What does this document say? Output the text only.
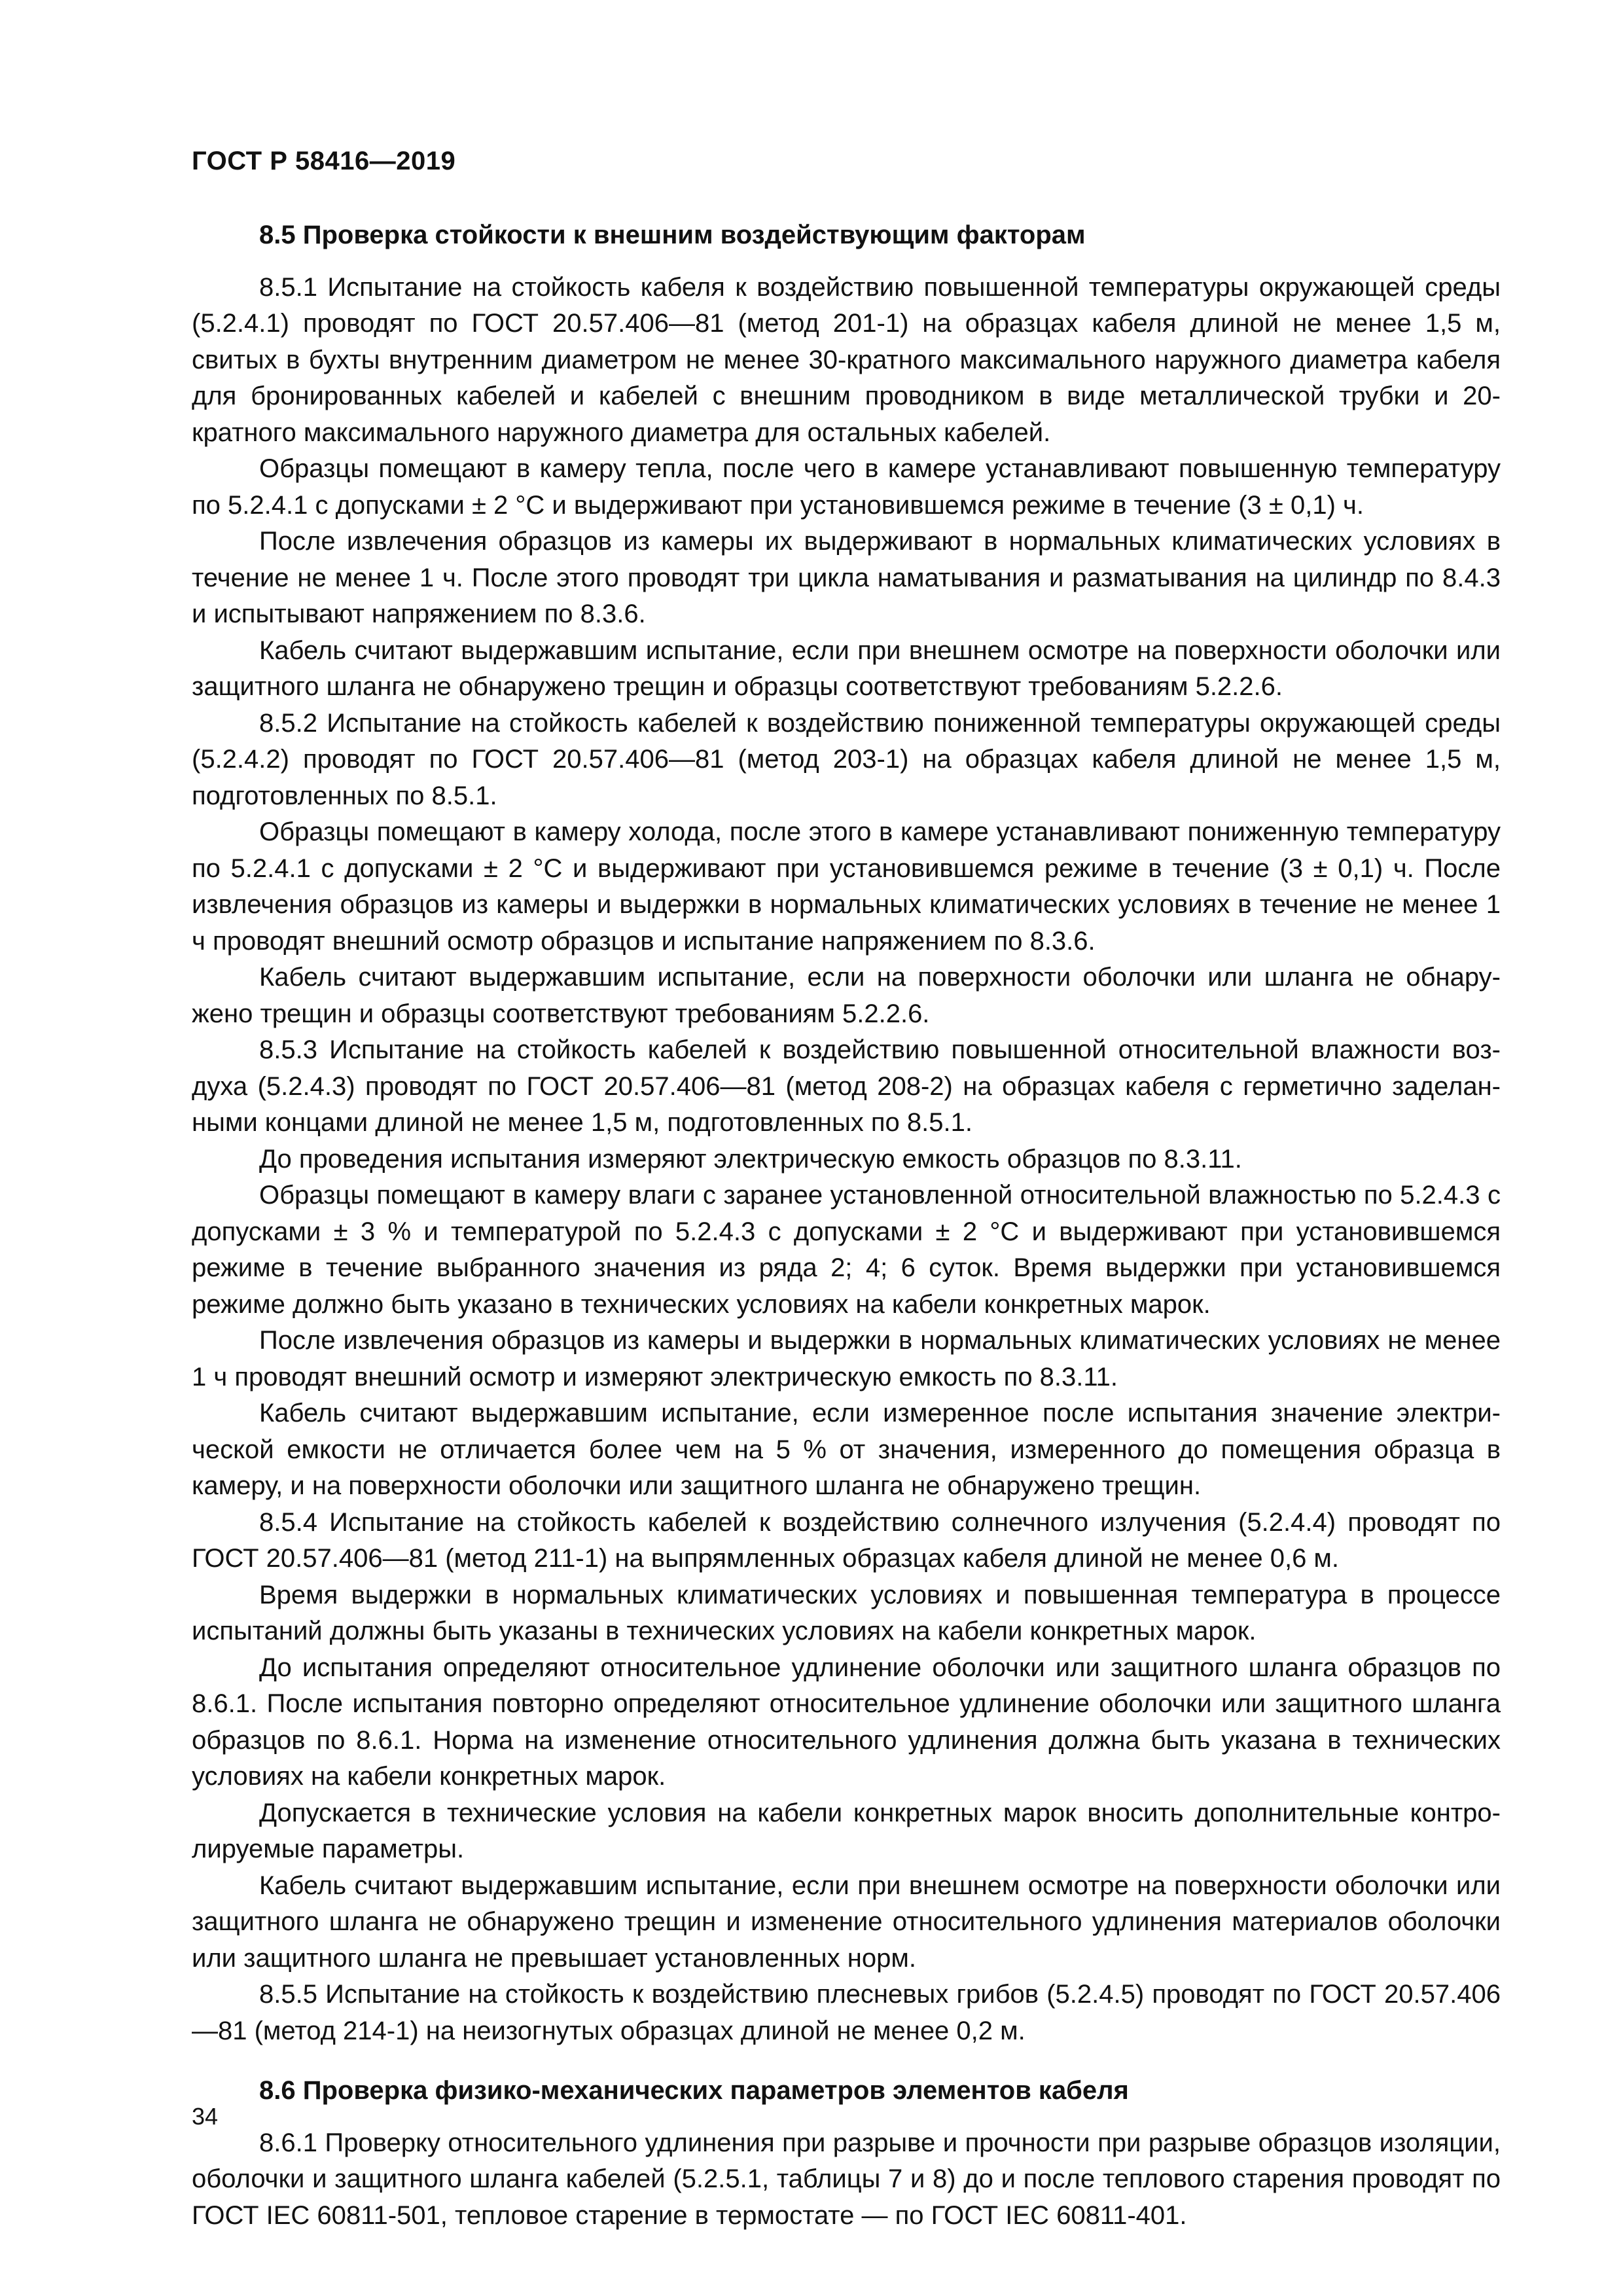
ГОСТ Р 58416—2019
8.5 Проверка стойкости к внешним воздействующим факторам

8.5.1 Испытание на стойкость кабеля к воздействию повышенной температуры окружающей среды (5.2.4.1) проводят по ГОСТ 20.57.406—81 (метод 201-1) на образцах кабеля длиной не менее 1,5 м, свитых в бухты внутренним диаметром не менее 30-кратного максимального наружного диаметра кабеля для бронированных кабелей и кабелей с внешним проводником в виде металлической трубки и 20-кратного максимального наружного диаметра для остальных кабелей.

Образцы помещают в камеру тепла, после чего в камере устанавливают повышенную температуру по 5.2.4.1 с допусками ± 2 °С и выдерживают при установившемся режиме в течение (3 ± 0,1) ч.

После извлечения образцов из камеры их выдерживают в нормальных климатических условиях в течение не менее 1 ч. После этого проводят три цикла наматывания и разматывания на цилиндр по 8.4.3 и испытывают напряжением по 8.3.6.

Кабель считают выдержавшим испытание, если при внешнем осмотре на поверхности оболочки или защитного шланга не обнаружено трещин и образцы соответствуют требованиям 5.2.2.6.

8.5.2 Испытание на стойкость кабелей к воздействию пониженной температуры окружающей среды (5.2.4.2) проводят по ГОСТ 20.57.406—81 (метод 203-1) на образцах кабеля длиной не менее 1,5 м, подготовленных по 8.5.1.

Образцы помещают в камеру холода, после этого в камере устанавливают пониженную температуру по 5.2.4.1 с допусками ± 2 °С и выдерживают при установившемся режиме в течение (3 ± 0,1) ч. После извлечения образцов из камеры и выдержки в нормальных климатических условиях в течение не менее 1 ч проводят внешний осмотр образцов и испытание напряжением по 8.3.6.

Кабель считают выдержавшим испытание, если на поверхности оболочки или шланга не обнаружено трещин и образцы соответствуют требованиям 5.2.2.6.

8.5.3 Испытание на стойкость кабелей к воздействию повышенной относительной влажности воздуха (5.2.4.3) проводят по ГОСТ 20.57.406—81 (метод 208-2) на образцах кабеля с герметично заделанными концами длиной не менее 1,5 м, подготовленных по 8.5.1.

До проведения испытания измеряют электрическую емкость образцов по 8.3.11.

Образцы помещают в камеру влаги с заранее установленной относительной влажностью по 5.2.4.3 с допусками ± 3 % и температурой по 5.2.4.3 с допусками ± 2 °С и выдерживают при установившемся режиме в течение выбранного значения из ряда 2; 4; 6 суток. Время выдержки при установившемся режиме должно быть указано в технических условиях на кабели конкретных марок.

После извлечения образцов из камеры и выдержки в нормальных климатических условиях не менее 1 ч проводят внешний осмотр и измеряют электрическую емкость по 8.3.11.

Кабель считают выдержавшим испытание, если измеренное после испытания значение электрической емкости не отличается более чем на 5 % от значения, измеренного до помещения образца в камеру, и на поверхности оболочки или защитного шланга не обнаружено трещин.

8.5.4 Испытание на стойкость кабелей к воздействию солнечного излучения (5.2.4.4) проводят по ГОСТ 20.57.406—81 (метод 211-1) на выпрямленных образцах кабеля длиной не менее 0,6 м.

Время выдержки в нормальных климатических условиях и повышенная температура в процессе испытаний должны быть указаны в технических условиях на кабели конкретных марок.

До испытания определяют относительное удлинение оболочки или защитного шланга образцов по 8.6.1. После испытания повторно определяют относительное удлинение оболочки или защитного шланга образцов по 8.6.1. Норма на изменение относительного удлинения должна быть указана в технических условиях на кабели конкретных марок.

Допускается в технические условия на кабели конкретных марок вносить дополнительные контролируемые параметры.

Кабель считают выдержавшим испытание, если при внешнем осмотре на поверхности оболочки или защитного шланга не обнаружено трещин и изменение относительного удлинения материалов оболочки или защитного шланга не превышает установленных норм.

8.5.5 Испытание на стойкость к воздействию плесневых грибов (5.2.4.5) проводят по ГОСТ 20.57.406—81 (метод 214-1) на неизогнутых образцах длиной не менее 0,2 м.

8.6 Проверка физико-механических параметров элементов кабеля

8.6.1 Проверку относительного удлинения при разрыве и прочности при разрыве образцов изоляции, оболочки и защитного шланга кабелей (5.2.5.1, таблицы 7 и 8) до и после теплового старения проводят по ГОСТ IEC 60811-501, тепловое старение в термостате — по ГОСТ IEC 60811-401.

34
